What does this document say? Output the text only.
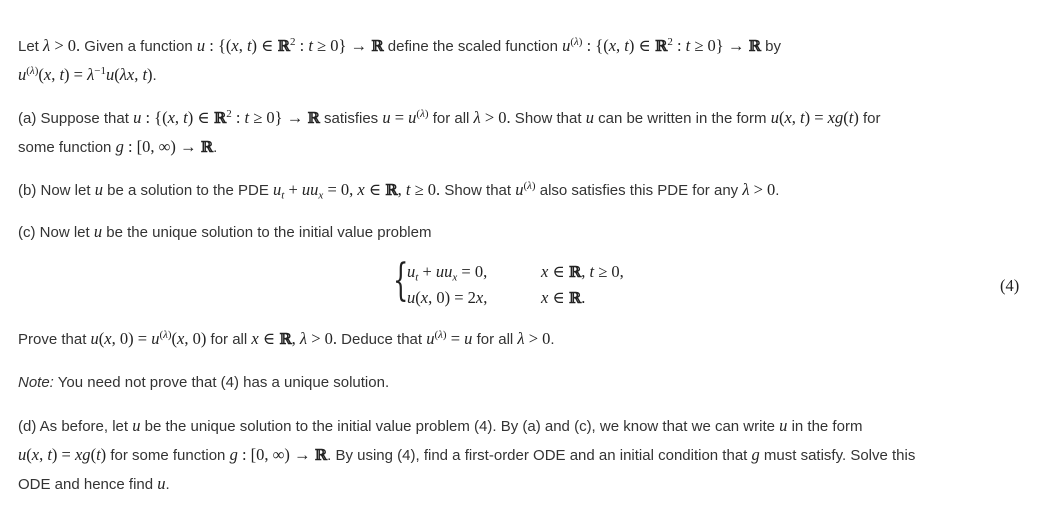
Let λ > 0. Given a function u : {(x, t) ∈ ℝ$^2$ : t ≥ 0} → ℝ define the scaled function $u^{(\lambda)}$ : {(x, t) ∈ ℝ$^2$ : t ≥ 0} → ℝ by
$u^{(\lambda)}(x$, $t) = \lambda^{-1}u(\lambda x$, t).
(a) Suppose that u : {(x, t) ∈ ℝ$^2$ : t ≥ 0} → ℝ satisfies $u = u^{(\lambda)}$ for all λ > 0. Show that u can be written in the form u(x, t) = xg(t) for
some function g : [0, ∞) → ℝ.
(b) Now let u be a solution to the PDE $u_t + uu_x = 0$, x ∈ ℝ, t ≥ 0. Show that $u^{(\lambda)}$ also satisfies this PDE for any λ > 0.
(c) Now let u be the unique solution to the initial value problem
{
$u_t + uu_x = 0$,	x ∈ ℝ, t ≥ 0,
u(x, 0) = 2x,	x ∈ ℝ.
(4)
Prove that u(x, $0) = u^{(\lambda)}(x$, 0) for all x ∈ ℝ, λ > 0. Deduce that $u^{(\lambda)} = u$ for all λ > 0.
Note: You need not prove that (4) has a unique solution.
(d) As before, let u be the unique solution to the initial value problem (4). By (a) and (c), we know that we can write u in the form
u(x, t) = xg(t) for some function g : [0, ∞) → ℝ. By using (4), find a first-order ODE and an initial condition that g must satisfy. Solve this
ODE and hence find u.
